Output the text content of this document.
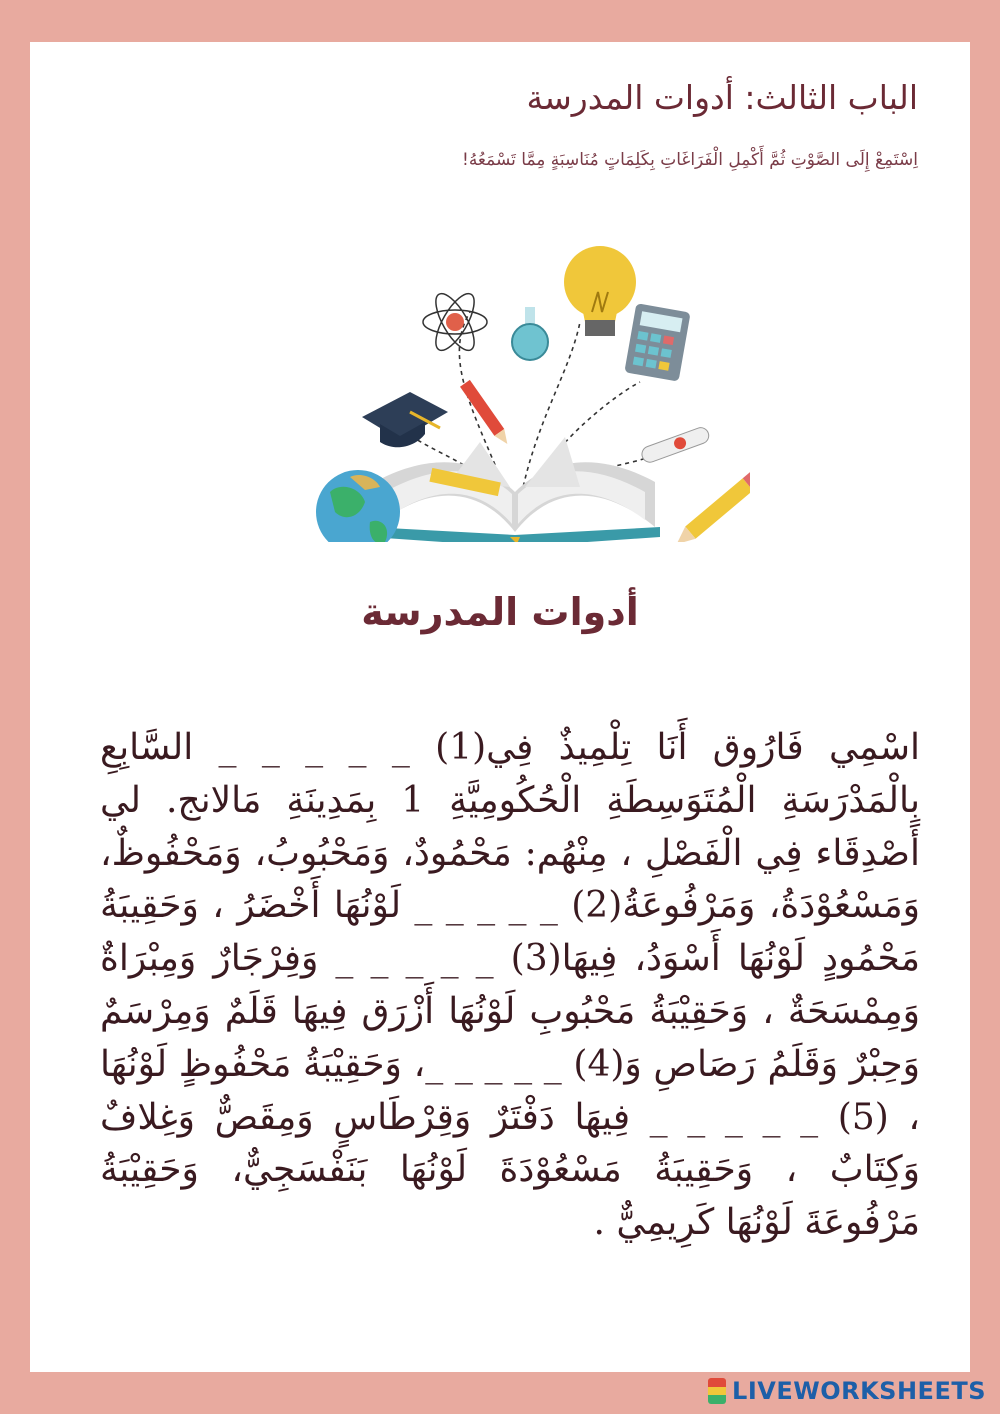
الباب الثالث: أدوات المدرسة
اِسْتَمِعْ إِلَى الصَّوْتِ ثُمَّ أَكْمِلِ الْفَرَاغَاتِ بِكَلِمَاتٍ مُنَاسِبَةٍ مِمَّا تَسْمَعُهُ!
أدوات المدرسة
اسْمِي فَارُوق أَنَا تِلْمِيذٌ فِي(1) _ _ _ _ _ السَّابِعِ بِالْمَدْرَسَةِ الْمُتَوَسِطَةِ الْحُكُومِيَّةِ 1 بِمَدِينَةِ مَالانج. لي أَصْدِقَاء فِي الْفَصْلِ ، مِنْهُم: مَحْمُودٌ، وَمَحْبُوبُ، وَمَحْفُوظٌ، وَمَسْعُوْدَةُ، وَمَرْفُوعَةُ(2) _ _ _ _ _ لَوْنُهَا أَخْضَرُ ، وَحَقِيبَةُ مَحْمُودٍ لَوْنُهَا أَسْوَدُ، فِيهَا(3) _ _ _ _ _ وَفِرْجَارٌ وَمِبْرَاةٌ وَمِمْسَحَةٌ ، وَحَقِيْبَةُ مَحْبُوبِ لَوْنُهَا أَزْرَق فِيهَا قَلَمٌ وَمِرْسَمٌ وَحِبْرٌ وَقَلَمُ رَصَاصِ وَ(4) _ _ _ _ _، وَحَقِيْبَةُ مَحْفُوظٍ لَوْنُهَا ، (5) _ _ _ _ _ فِيهَا دَفْتَرٌ وَقِرْطَاسٍ وَمِقَصٌّ وَغِلافٌ وَكِتَابٌ ، وَحَقِيبَةُ مَسْعُوْدَةَ لَوْنُهَا بَنَفْسَجِيٌّ، وَحَقِيْبَةُ مَرْفُوعَةَ لَوْنُهَا كَرِيمِيٌّ .
LIVEWORKSHEETS
